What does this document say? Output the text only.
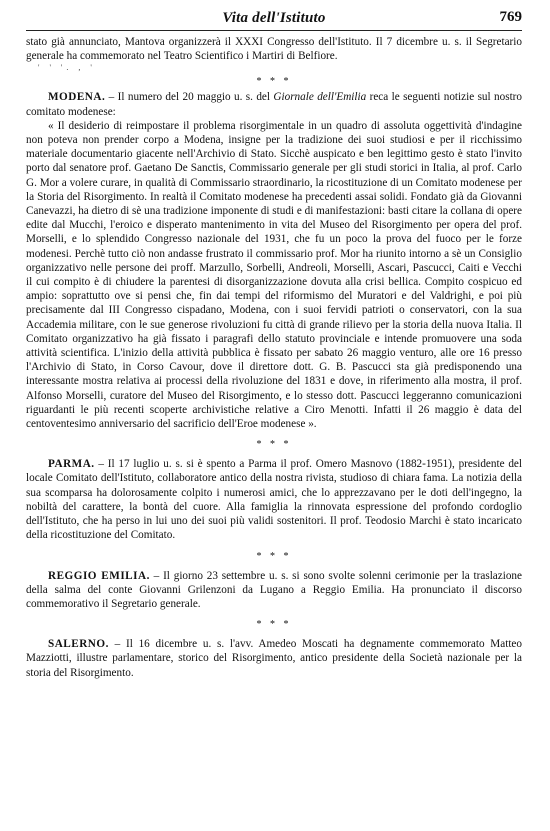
Vita dell'Istituto	769

stato già annunciato, Mantova organizzerà il XXXI Congresso dell'Istituto. Il 7 dicembre u. s. il Segretario generale ha commemorato nel Teatro Scientifico i Martiri di Belfiore.

' ' '. , '
* * *

MODENA. – Il numero del 20 maggio u. s. del Giornale dell'Emilia reca le seguenti notizie sul nostro comitato modenese:

« Il desiderio di reimpostare il problema risorgimentale in un quadro di assoluta oggettività d'indagine non poteva non prender corpo a Modena, insigne per la tradizione dei suoi studiosi e per il ricchissimo materiale documentario giacente nell'Archivio di Stato. Sicchè auspicato e ben legittimo gesto è stato l'invito porto dal senatore prof. Gaetano De Sanctis, Commissario generale per gli studi storici in Italia, al prof. Carlo G. Mor a volere curare, in qualità di Commissario straordinario, la ricostituzione di un Comitato modenese per la Storia del Risorgimento. In realtà il Comitato modenese ha precedenti assai solidi. Fondato già da Giovanni Canevazzi, ha dietro di sè una tradizione imponente di studi e di manifestazioni: basti citare la collana di opere edite dal Mucchi, l'eroico e disperato mantenimento in vita del Museo del Risorgimento per opera del prof. Morselli, e lo splendido Congresso nazionale del 1931, che fu un poco la prova del fuoco per le forze modenesi. Perchè tutto ciò non andasse frustrato il commissario prof. Mor ha riunito intorno a sè un Consiglio organizzativo nelle persone dei proff. Marzullo, Sorbelli, Andreoli, Morselli, Ascari, Pascucci, Caiti e Vecchi il cui compito è di chiudere la parentesi di disorganizzazione dovuta alla crisi bellica. Compito cospicuo ed ampio: soprattutto ove si pensi che, fin dai tempi del riformismo del Muratori e del Valdrighi, e poi più precisamente dal III Congresso cispadano, Modena, con i suoi fervidi patrioti o conservatori, con la sua Accademia militare, con le sue generose rivoluzioni fu città di grande rilievo per la storia della nuova Italia. Il Comitato organizzativo ha già fissato i paragrafi dello statuto provinciale e intende promuovere una soda attività scientifica. L'inizio della attività pubblica è fissato per sabato 26 maggio venturo, alle ore 16 presso l'Archivio di Stato, in Corso Cavour, dove il direttore dott. G. B. Pascucci sta già predisponendo una interessante mostra relativa ai processi della rivoluzione del 1831 e dove, in riferimento alla mostra, il prof. Alfonso Morselli, curatore del Museo del Risorgimento, e lo stesso dott. Pascucci leggeranno comunicazioni riguardanti le più recenti scoperte archivistiche relative a Ciro Menotti. Infatti il 26 maggio è data del centoventesimo anniversario del sacrificio dell'Eroe modenese ».

* * *

PARMA. – Il 17 luglio u. s. si è spento a Parma il prof. Omero Masnovo (1882-1951), presidente del locale Comitato dell'Istituto, collaboratore antico della nostra rivista, studioso di chiara fama. La notizia della sua scomparsa ha dolorosamente colpito i numerosi amici, che lo apprezzavano per le doti dell'ingegno, la nobiltà del carattere, la bontà del cuore. Alla famiglia la rinnovata espressione del profondo cordoglio dell'Istituto, che ha perso in lui uno dei suoi più validi sostenitori. Il prof. Teodosio Marchi è stato incaricato della ricostituzione del Comitato.

* * *

REGGIO EMILIA. – Il giorno 23 settembre u. s. si sono svolte solenni cerimonie per la traslazione della salma del conte Giovanni Grilenzoni da Lugano a Reggio Emilia. Ha pronunciato il discorso commemorativo il Segretario generale.

* * *

SALERNO. – Il 16 dicembre u. s. l'avv. Amedeo Moscati ha degnamente commemorato Matteo Mazziotti, illustre parlamentare, storico del Risorgimento, antico presidente della Società nazionale per la storia del Risorgimento.
